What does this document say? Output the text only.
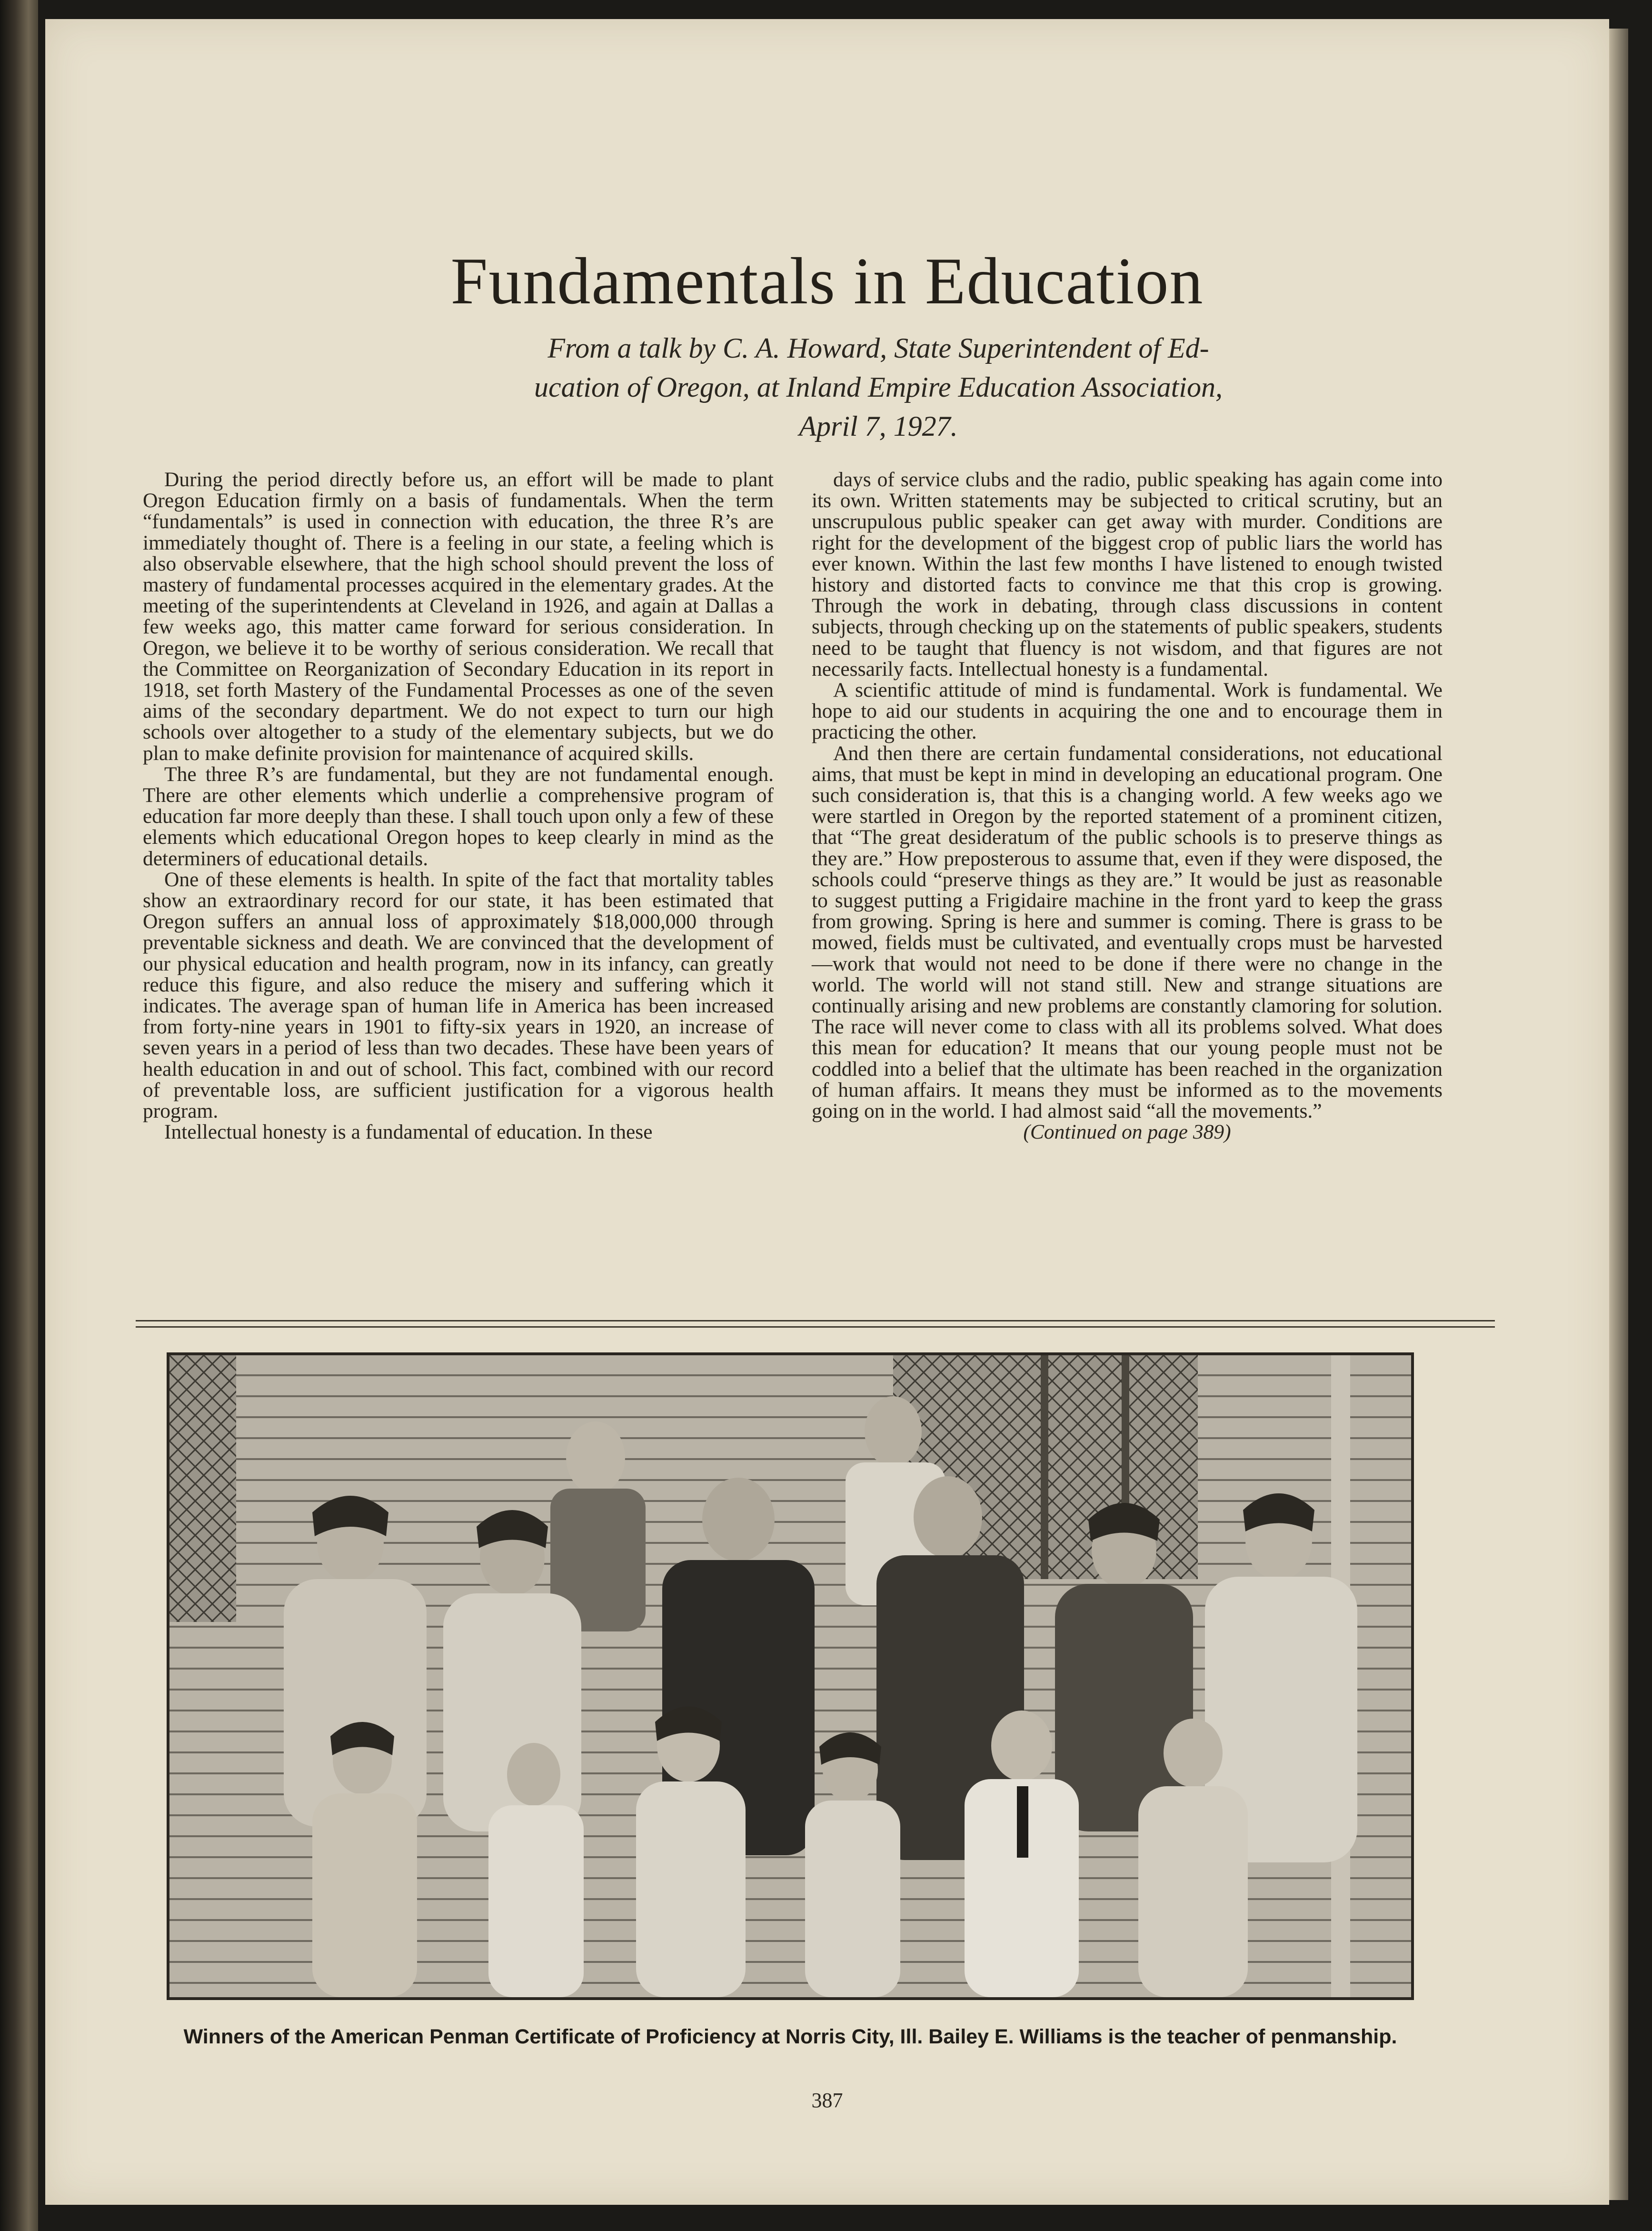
Fundamentals in Education
From a talk by C. A. Howard, State Superintendent of Ed-
ucation of Oregon, at Inland Empire Education Association,
April 7, 1927.

During the period directly before us, an effort will be made to plant Oregon Education firmly on a basis of fundamentals. When the term “fundamentals” is used in connection with education, the three R’s are immediately thought of. There is a feeling in our state, a feeling which is also observable elsewhere, that the high school should prevent the loss of mastery of fundamental processes acquired in the elementary grades. At the meeting of the superintendents at Cleveland in 1926, and again at Dallas a few weeks ago, this matter came forward for serious consideration. In Oregon, we believe it to be worthy of serious consideration. We recall that the Committee on Reorganization of Secondary Education in its report in 1918, set forth Mastery of the Fundamental Processes as one of the seven aims of the secondary department. We do not expect to turn our high schools over altogether to a study of the elementary subjects, but we do plan to make definite provision for maintenance of acquired skills.

The three R’s are fundamental, but they are not fundamental enough. There are other elements which underlie a comprehensive program of education far more deeply than these. I shall touch upon only a few of these elements which educational Oregon hopes to keep clearly in mind as the determiners of educational details.

One of these elements is health. In spite of the fact that mortality tables show an extraordinary record for our state, it has been estimated that Oregon suffers an annual loss of approximately $18,000,000 through preventable sickness and death. We are convinced that the development of our physical education and health program, now in its infancy, can greatly reduce this figure, and also reduce the misery and suffering which it indicates. The average span of human life in America has been increased from forty-nine years in 1901 to fifty-six years in 1920, an increase of seven years in a period of less than two decades. These have been years of health education in and out of school. This fact, combined with our record of preventable loss, are sufficient justification for a vigorous health program.

Intellectual honesty is a fundamental of education. In these

days of service clubs and the radio, public speaking has again come into its own. Written statements may be subjected to critical scrutiny, but an unscrupulous public speaker can get away with murder. Conditions are right for the development of the biggest crop of public liars the world has ever known. Within the last few months I have listened to enough twisted history and distorted facts to convince me that this crop is growing. Through the work in debating, through class discussions in content subjects, through checking up on the statements of public speakers, students need to be taught that fluency is not wisdom, and that figures are not necessarily facts. Intellectual honesty is a fundamental.

A scientific attitude of mind is fundamental. Work is fundamental. We hope to aid our students in acquiring the one and to encourage them in practicing the other.

And then there are certain fundamental considerations, not educational aims, that must be kept in mind in developing an educational program. One such consideration is, that this is a changing world. A few weeks ago we were startled in Oregon by the reported statement of a prominent citizen, that “The great desideratum of the public schools is to preserve things as they are.” How preposterous to assume that, even if they were disposed, the schools could “preserve things as they are.” It would be just as reasonable to suggest putting a Frigidaire machine in the front yard to keep the grass from growing. Spring is here and summer is coming. There is grass to be mowed, fields must be cultivated, and eventually crops must be harvested—work that would not need to be done if there were no change in the world. The world will not stand still. New and strange situations are continually arising and new problems are constantly clamoring for solution. The race will never come to class with all its problems solved. What does this mean for education? It means that our young people must not be coddled into a belief that the ultimate has been reached in the organization of human affairs. It means they must be informed as to the movements going on in the world. I had almost said “all the movements.”

(Continued on page 389)

Winners of the American Penman Certificate of Proficiency at Norris City, Ill. Bailey E. Williams is the teacher of penmanship.
387
